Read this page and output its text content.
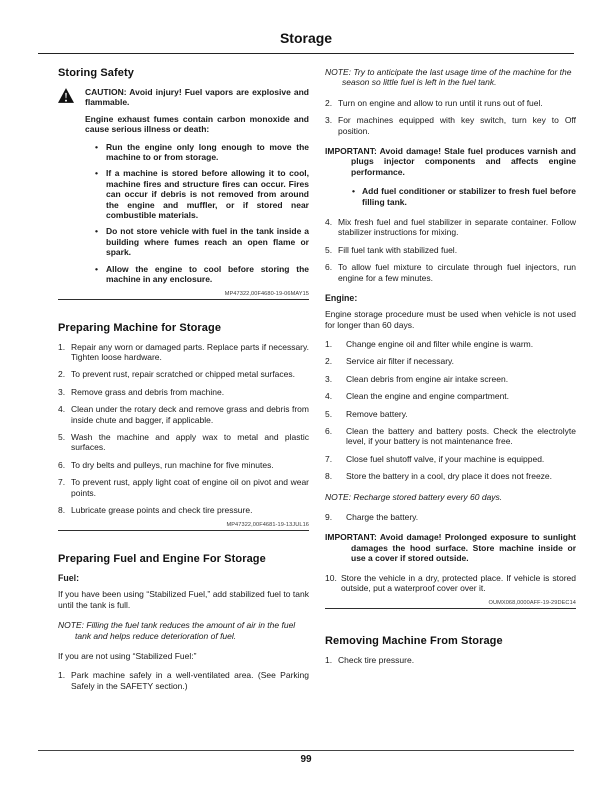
Storage
Storing Safety

CAUTION: Avoid injury! Fuel vapors are explosive and flammable.

Engine exhaust fumes contain carbon monoxide and cause serious illness or death:

• Run the engine only long enough to move the machine to or from storage.
• If a machine is stored before allowing it to cool, machine fires and structure fires can occur. Fires can occur if debris is not removed from around the engine and muffler, or if stored near combustible materials.
• Do not store vehicle with fuel in the tank inside a building where fumes reach an open flame or spark.
• Allow the engine to cool before storing the machine in any enclosure.
MP47322,00F4680-19-06MAY15
Preparing Machine for Storage
1. Repair any worn or damaged parts. Replace parts if necessary. Tighten loose hardware.
2. To prevent rust, repair scratched or chipped metal surfaces.
3. Remove grass and debris from machine.
4. Clean under the rotary deck and remove grass and debris from inside chute and bagger, if applicable.
5. Wash the machine and apply wax to metal and plastic surfaces.
6. To dry belts and pulleys, run machine for five minutes.
7. To prevent rust, apply light coat of engine oil on pivot and wear points.
8. Lubricate grease points and check tire pressure.
MP47322,00F4681-19-13JUL16
Preparing Fuel and Engine For Storage

Fuel:

If you have been using “Stabilized Fuel,” add stabilized fuel to tank until the tank is full.

NOTE: Filling the fuel tank reduces the amount of air in the fuel tank and helps reduce deterioration of fuel.

If you are not using “Stabilized Fuel:”

1. Park machine safely in a well-ventilated area. (See Parking Safely in the SAFETY section.)

NOTE: Try to anticipate the last usage time of the machine for the season so little fuel is left in the fuel tank.

2. Turn on engine and allow to run until it runs out of fuel.
3. For machines equipped with key switch, turn key to Off position.

IMPORTANT: Avoid damage! Stale fuel produces varnish and plugs injector components and affects engine performance.

• Add fuel conditioner or stabilizer to fresh fuel before filling tank.
4. Mix fresh fuel and fuel stabilizer in separate container. Follow stabilizer instructions for mixing.
5. Fill fuel tank with stabilized fuel.
6. To allow fuel mixture to circulate through fuel injectors, run engine for a few minutes.

Engine:

Engine storage procedure must be used when vehicle is not used for longer than 60 days.

1.	Change engine oil and filter while engine is warm.
2.	Service air filter if necessary.
3.	Clean debris from engine air intake screen.
4.	Clean the engine and engine compartment.
5.	Remove battery.
6.	Clean the battery and battery posts. Check the electrolyte level, if your battery is not maintenance free.
7.	Close fuel shutoff valve, if your machine is equipped.
8.	Store the battery in a cool, dry place it does not freeze.

NOTE: Recharge stored battery every 60 days.

9.	Charge the battery.

IMPORTANT: Avoid damage! Prolonged exposure to sunlight damages the hood surface. Store machine inside or use a cover if stored outside.

10. Store the vehicle in a dry, protected place. If vehicle is stored outside, put a waterproof cover over it.
OUMX068,0000AFF-19-29DEC14
Removing Machine From Storage
1. Check tire pressure.
99
